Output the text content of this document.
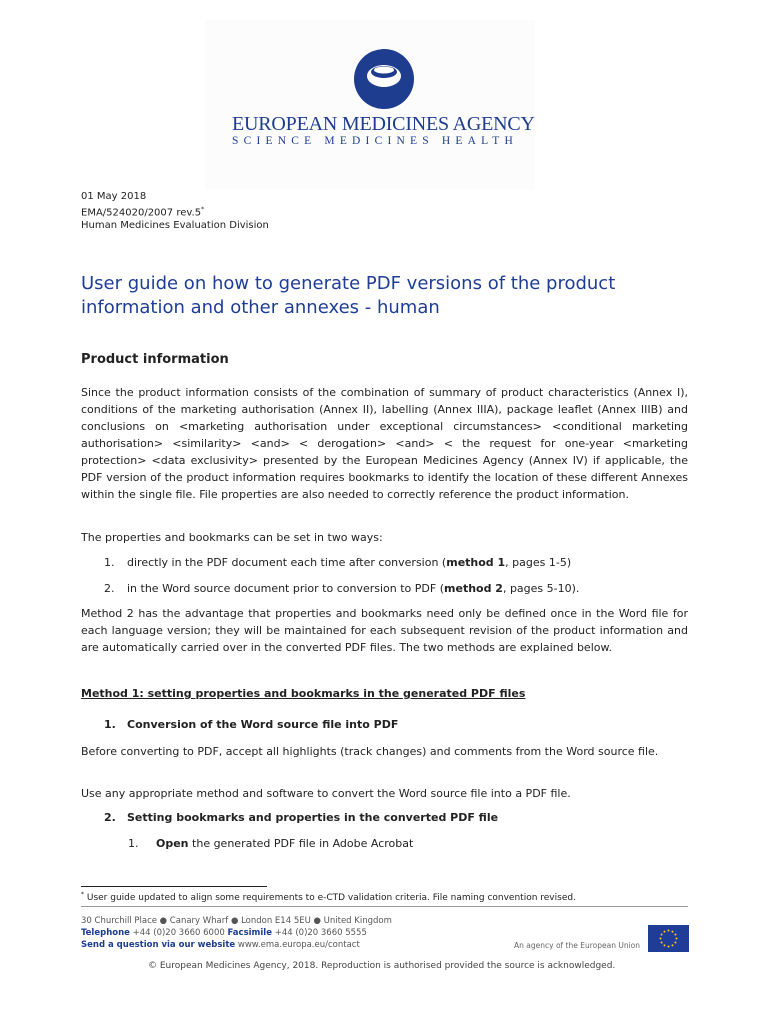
EUROPEAN MEDICINES AGENCY
SCIENCE MEDICINES HEALTH
01 May 2018
EMA/524020/2007 rev.5*
Human Medicines Evaluation Division
User guide on how to generate PDF versions of the product information and other annexes - human
Product information
Since the product information consists of the combination of summary of product characteristics (Annex I), conditions of the marketing authorisation (Annex II), labelling (Annex IIIA), package leaflet (Annex IIIB) and conclusions on <marketing authorisation under exceptional circumstances> <conditional marketing authorisation> <similarity> <and> < derogation> <and> < the request for one-year <marketing protection> <data exclusivity> presented by the European Medicines Agency (Annex IV) if applicable, the PDF version of the product information requires bookmarks to identify the location of these different Annexes within the single file. File properties are also needed to correctly reference the product information.
The properties and bookmarks can be set in two ways:
1. directly in the PDF document each time after conversion (method 1, pages 1-5)
2. in the Word source document prior to conversion to PDF (method 2, pages 5-10).
Method 2 has the advantage that properties and bookmarks need only be defined once in the Word file for each language version; they will be maintained for each subsequent revision of the product information and are automatically carried over in the converted PDF files. The two methods are explained below.
Method 1: setting properties and bookmarks in the generated PDF files
1. Conversion of the Word source file into PDF
Before converting to PDF, accept all highlights (track changes) and comments from the Word source file.
Use any appropriate method and software to convert the Word source file into a PDF file.
2. Setting bookmarks and properties in the converted PDF file
1. Open the generated PDF file in Adobe Acrobat
* User guide updated to align some requirements to e-CTD validation criteria. File naming convention revised.
30 Churchill Place ● Canary Wharf ● London E14 5EU ● United Kingdom
Telephone +44 (0)20 3660 6000 Facsimile +44 (0)20 3660 5555
Send a question via our website www.ema.europa.eu/contact	An agency of the European Union
© European Medicines Agency, 2018. Reproduction is authorised provided the source is acknowledged.
